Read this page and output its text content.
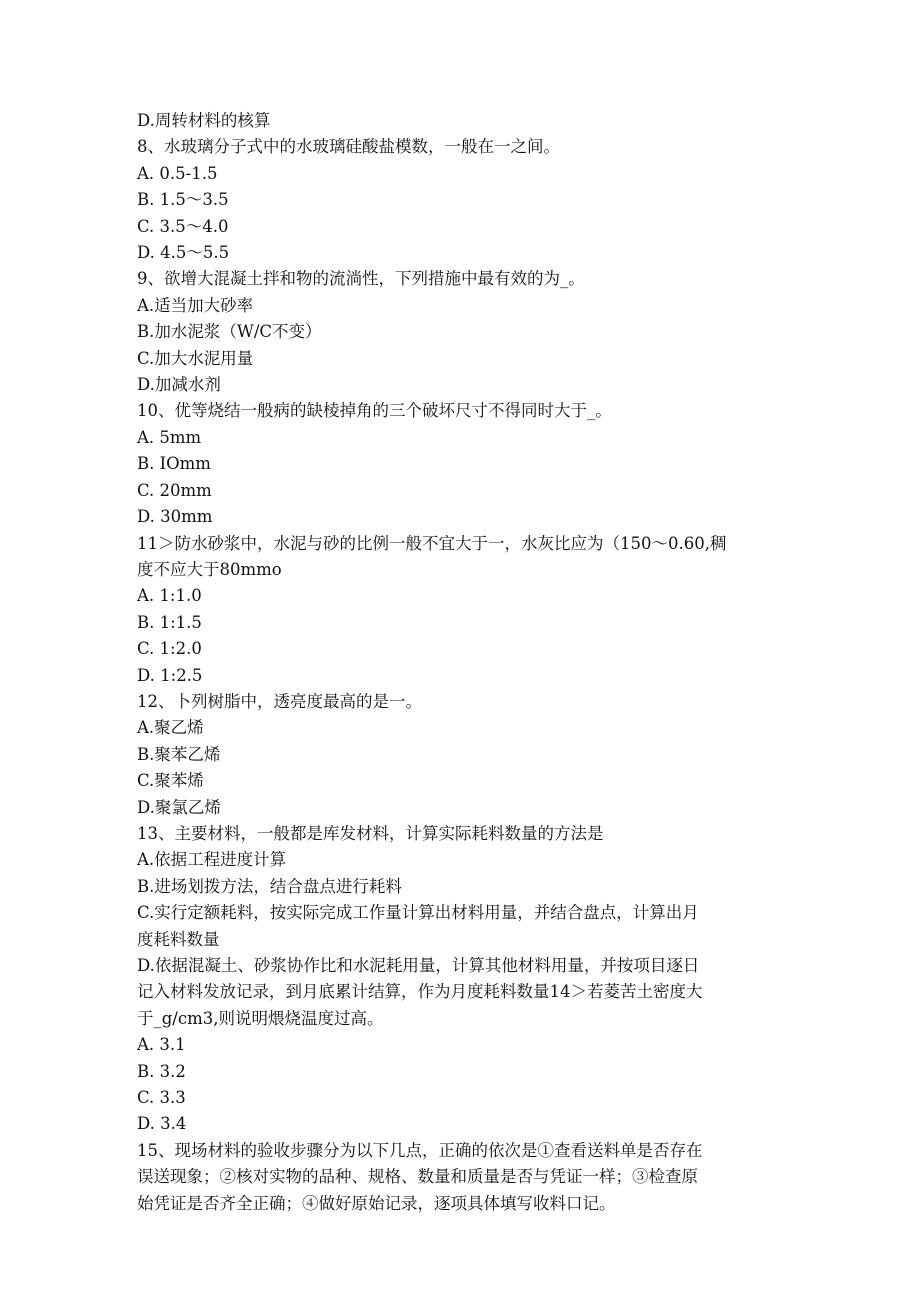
D.周转材料的核算
8、水玻璃分子式中的水玻璃硅酸盐模数，一般在一之间。
A. 0.5-1.5
B. 1.5～3.5
C. 3.5～4.0
D. 4.5～5.5
9、欲增大混凝土拌和物的流淌性，下列措施中最有效的为_。
A.适当加大砂率
B.加水泥浆（W/C不变）
C.加大水泥用量
D.加减水剂
10、优等烧结一般病的缺棱掉角的三个破坏尺寸不得同时大于_。
A. 5mm
B. IOmm
C. 20mm
D. 30mm
11＞防水砂浆中，水泥与砂的比例一般不宜大于一，水灰比应为（150～0.60,稠
度不应大于80mmo
A. 1:1.0
B. 1:1.5
C. 1:2.0
D. 1:2.5
12、卜列树脂中，透亮度最高的是一。
A.聚乙烯
B.聚苯乙烯
C.聚苯烯
D.聚氯乙烯
13、主要材料，一般都是库发材料，计算实际耗料数量的方法是
A.依据工程进度计算
B.进场划拨方法，结合盘点进行耗料
C.实行定额耗料，按实际完成工作量计算出材料用量，并结合盘点，计算出月
度耗料数量
D.依据混凝土、砂浆协作比和水泥耗用量，计算其他材料用量，并按项目逐日
记入材料发放记录，到月底累计结算，作为月度耗料数量14＞若菱苦土密度大
于_g/cm3,则说明煨烧温度过高。
A. 3.1
B. 3.2
C. 3.3
D. 3.4
15、现场材料的验收步骤分为以下几点，正确的依次是①查看送料单是否存在
误送现象；②核对实物的品种、规格、数量和质量是否与凭证一样；③检查原
始凭证是否齐全正确；④做好原始记录，逐项具体填写收料口记。
